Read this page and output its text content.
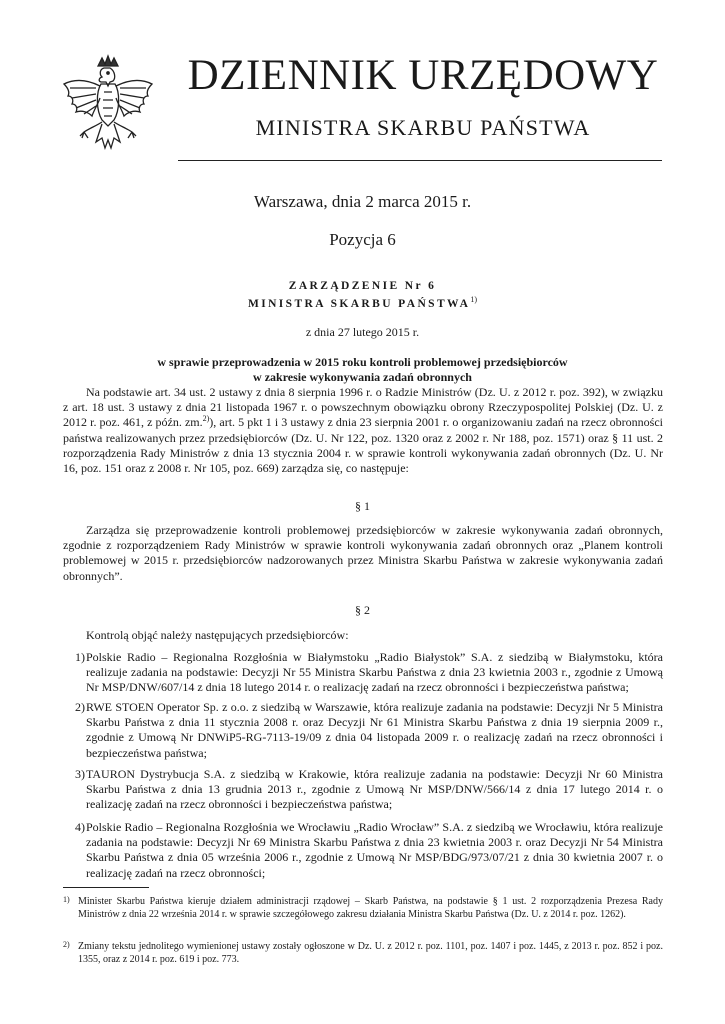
DZIENNIK URZĘDOWY
MINISTRA SKARBU PAŃSTWA
Warszawa, dnia 2 marca 2015 r.
Pozycja 6
ZARZĄDZENIE Nr 6
MINISTRA SKARBU PAŃSTWA$^{1)}$
z dnia 27 lutego 2015 r.
w sprawie przeprowadzenia w 2015 roku kontroli problemowej przedsiębiorców
w zakresie wykonywania zadań obronnych

Na podstawie art. 34 ust. 2 ustawy z dnia 8 sierpnia 1996 r. o Radzie Ministrów (Dz. U. z 2012 r. poz. 392), w związku z art. 18 ust. 3 ustawy z dnia 21 listopada 1967 r. o powszechnym obowiązku obrony Rzeczypospolitej Polskiej (Dz. U. z 2012 r. poz. 461, z późn. zm.$^{2)}$), art. 5 pkt 1 i 3 ustawy z dnia 23 sierpnia 2001 r. o organizowaniu zadań na rzecz obronności państwa realizowanych przez przedsiębiorców (Dz. U. Nr 122, poz. 1320 oraz z 2002 r. Nr 188, poz. 1571) oraz § 11 ust. 2 rozporządzenia Rady Ministrów z dnia 13 stycznia 2004 r. w sprawie kontroli wykonywania zadań obronnych (Dz. U. Nr 16, poz. 151 oraz z 2008 r. Nr 105, poz. 669) zarządza się, co następuje:

§ 1

Zarządza się przeprowadzenie kontroli problemowej przedsiębiorców w zakresie wykonywania zadań obronnych, zgodnie z rozporządzeniem Rady Ministrów w sprawie kontroli wykonywania zadań obronnych oraz „Planem kontroli problemowej w 2015 r. przedsiębiorców nadzorowanych przez Ministra Skarbu Państwa w zakresie wykonywania zadań obronnych”.

§ 2

Kontrolą objąć należy następujących przedsiębiorców:

1) Polskie Radio – Regionalna Rozgłośnia w Białymstoku „Radio Białystok” S.A. z siedzibą w Białymstoku, która realizuje zadania na podstawie: Decyzji Nr 55 Ministra Skarbu Państwa z dnia 23 kwietnia 2003 r., zgodnie z Umową Nr MSP/DNW/607/14 z dnia 18 lutego 2014 r. o realizację zadań na rzecz obronności i bezpieczeństwa państwa;
2) RWE STOEN Operator Sp. z o.o. z siedzibą w Warszawie, która realizuje zadania na podstawie: Decyzji Nr 5 Ministra Skarbu Państwa z dnia 11 stycznia 2008 r. oraz Decyzji Nr 61 Ministra Skarbu Państwa z dnia 19 sierpnia 2009 r., zgodnie z Umową Nr DNWiP5-RG-7113-19/09 z dnia 04 listopada 2009 r. o realizację zadań na rzecz obronności i bezpieczeństwa państwa;
3) TAURON Dystrybucja S.A. z siedzibą w Krakowie, która realizuje zadania na podstawie: Decyzji Nr 60 Ministra Skarbu Państwa z dnia 13 grudnia 2013 r., zgodnie z Umową Nr MSP/DNW/566/14 z dnia 17 lutego 2014 r. o realizację zadań na rzecz obronności i bezpieczeństwa państwa;
4) Polskie Radio – Regionalna Rozgłośnia we Wrocławiu „Radio Wrocław” S.A. z siedzibą we Wrocławiu, która realizuje zadania na podstawie: Decyzji Nr 69 Ministra Skarbu Państwa z dnia 23 kwietnia 2003 r. oraz Decyzji Nr 54 Ministra Skarbu Państwa z dnia 05 września 2006 r., zgodnie z Umową Nr MSP/BDG/973/07/21 z dnia 30 kwietnia 2007 r. o realizację zadań na rzecz obronności;
1) Minister Skarbu Państwa kieruje działem administracji rządowej – Skarb Państwa, na podstawie § 1 ust. 2 rozporządzenia Prezesa Rady Ministrów z dnia 22 września 2014 r. w sprawie szczegółowego zakresu działania Ministra Skarbu Państwa (Dz. U. z 2014 r. poz. 1262).
2) Zmiany tekstu jednolitego wymienionej ustawy zostały ogłoszone w Dz. U. z 2012 r. poz. 1101, poz. 1407 i poz. 1445, z 2013 r. poz. 852 i poz. 1355, oraz z 2014 r. poz. 619 i poz. 773.
